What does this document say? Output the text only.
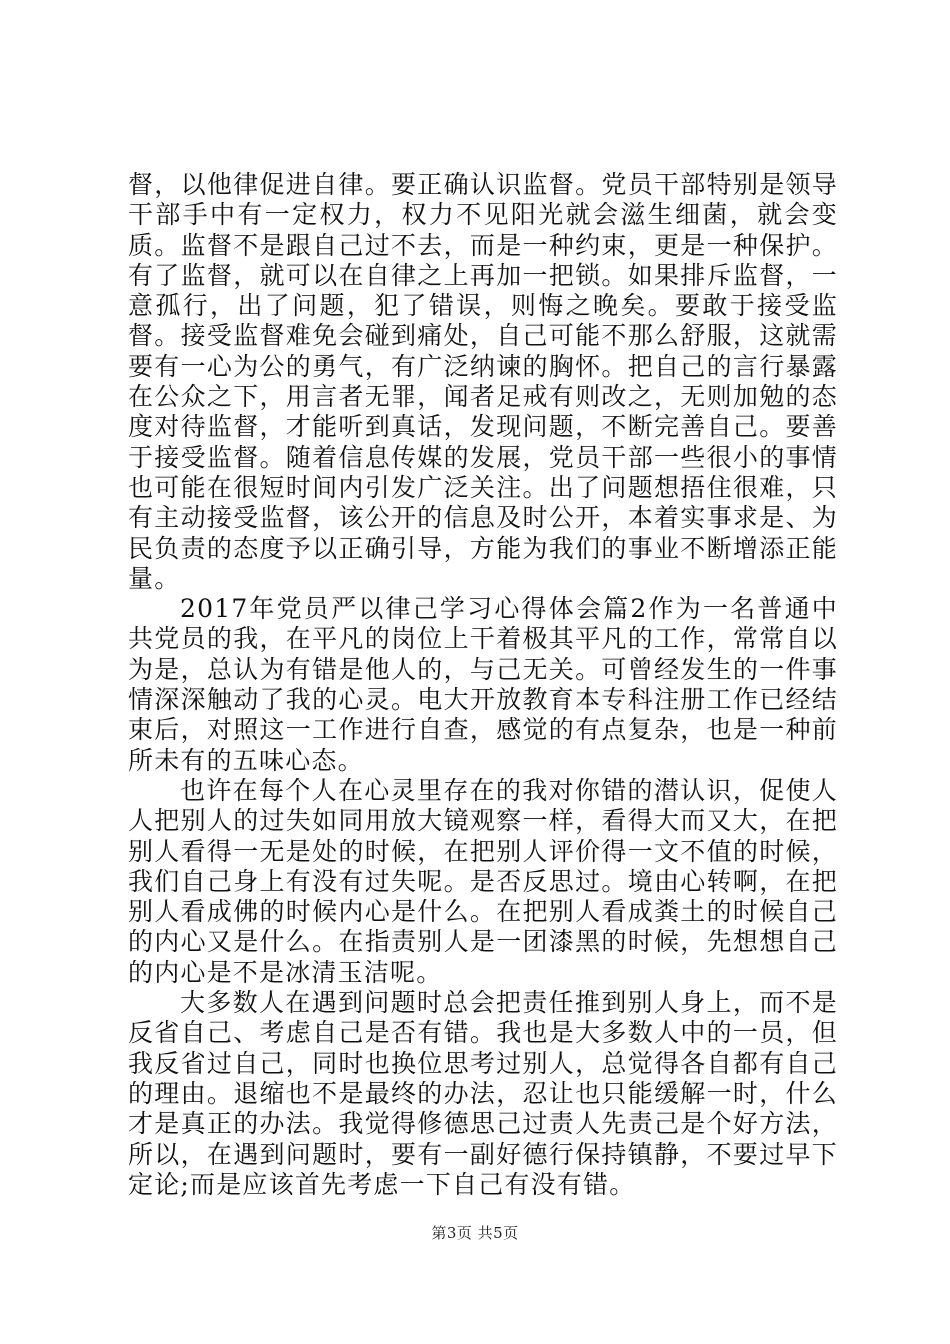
督，以他律促进自律。要正确认识监督。党员干部特别是领导干部手中有一定权力，权力不见阳光就会滋生细菌，就会变质。监督不是跟自己过不去，而是一种约束，更是一种保护。有了监督，就可以在自律之上再加一把锁。如果排斥监督，一意孤行，出了问题，犯了错误，则悔之晚矣。要敢于接受监督。接受监督难免会碰到痛处，自己可能不那么舒服，这就需要有一心为公的勇气，有广泛纳谏的胸怀。把自己的言行暴露在公众之下，用言者无罪，闻者足戒有则改之，无则加勉的态度对待监督，才能听到真话，发现问题，不断完善自己。要善于接受监督。随着信息传媒的发展，党员干部一些很小的事情也可能在很短时间内引发广泛关注。出了问题想捂住很难，只有主动接受监督，该公开的信息及时公开，本着实事求是、为民负责的态度予以正确引导，方能为我们的事业不断增添正能量。

2017年党员严以律己学习心得体会篇2作为一名普通中共党员的我，在平凡的岗位上干着极其平凡的工作，常常自以为是，总认为有错是他人的，与己无关。可曾经发生的一件事情深深触动了我的心灵。电大开放教育本专科注册工作已经结束后，对照这一工作进行自查，感觉的有点复杂，也是一种前所未有的五味心态。

也许在每个人在心灵里存在的我对你错的潜认识，促使人人把别人的过失如同用放大镜观察一样，看得大而又大，在把别人看得一无是处的时候，在把别人评价得一文不值的时候，我们自己身上有没有过失呢。是否反思过。境由心转啊，在把别人看成佛的时候内心是什么。在把别人看成粪土的时候自己的内心又是什么。在指责别人是一团漆黑的时候，先想想自己的内心是不是冰清玉洁呢。

大多数人在遇到问题时总会把责任推到别人身上，而不是反省自己、考虑自己是否有错。我也是大多数人中的一员，但我反省过自己，同时也换位思考过别人，总觉得各自都有自己的理由。退缩也不是最终的办法，忍让也只能缓解一时，什么才是真正的办法。我觉得修德思己过责人先责己是个好方法，所以，在遇到问题时，要有一副好德行保持镇静，不要过早下定论;而是应该首先考虑一下自己有没有错。

第3页 共5页
